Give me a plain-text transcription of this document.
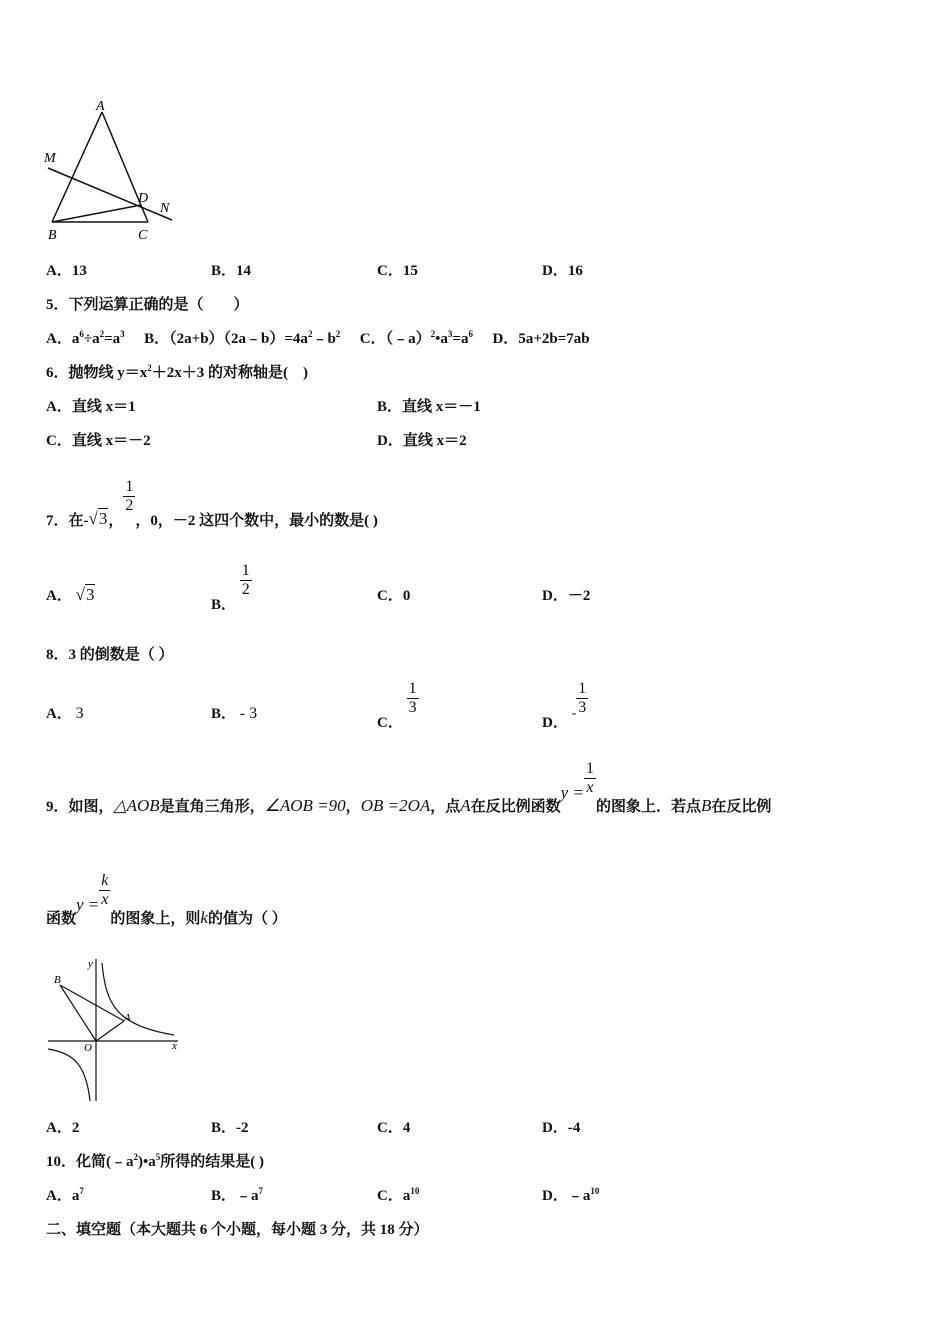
A
M
D
N
B	C
A．13	B．14	C．15	D．16
5．下列运算正确的是（　　）
A．$a^6\div a^2=a^3$ B．$(2a+b)(2a﹣b)=4a^2﹣b^2$ C．$(﹣a)^2•a^3=a^6$ D．5a+2b=7ab
6．抛物线 $y=x^2+2x+3$ 的对称轴是(　)
A．直线 x＝1	B．直线 x＝－1
C．直线 x＝－2	D．直线 x＝2
7．在-√3，
$\frac{1}{2}$
，0，－2 这四个数中，最小的数是( )
A． √3
B．
$\frac{1}{2}$	C．0	D．－2
8．3 的倒数是（ ）
A． 3	B． - 3
C．
$\frac{1}{3}$
D． - $\frac{1}{3}$
9．如图，△AOB是直角三角形，∠AOB =90，OB =2OA，点A在反比例函数$y = \frac{1}{x}$
的图象上．若点B在反比例
函数$y = \frac{k}{x}$
的图象上，则k的值为（ ）
y
B
A
O	x
A．2	B．-2	C．4	D．-4
10．化简$(﹣a^2)•a^5$所得的结果是( )
A．$a^7$	B．$﹣a^7$	C．$a^{10}$	D．$﹣a^{10}$
二、填空题（本大题共 6 个小题，每小题 3 分，共 18 分）
